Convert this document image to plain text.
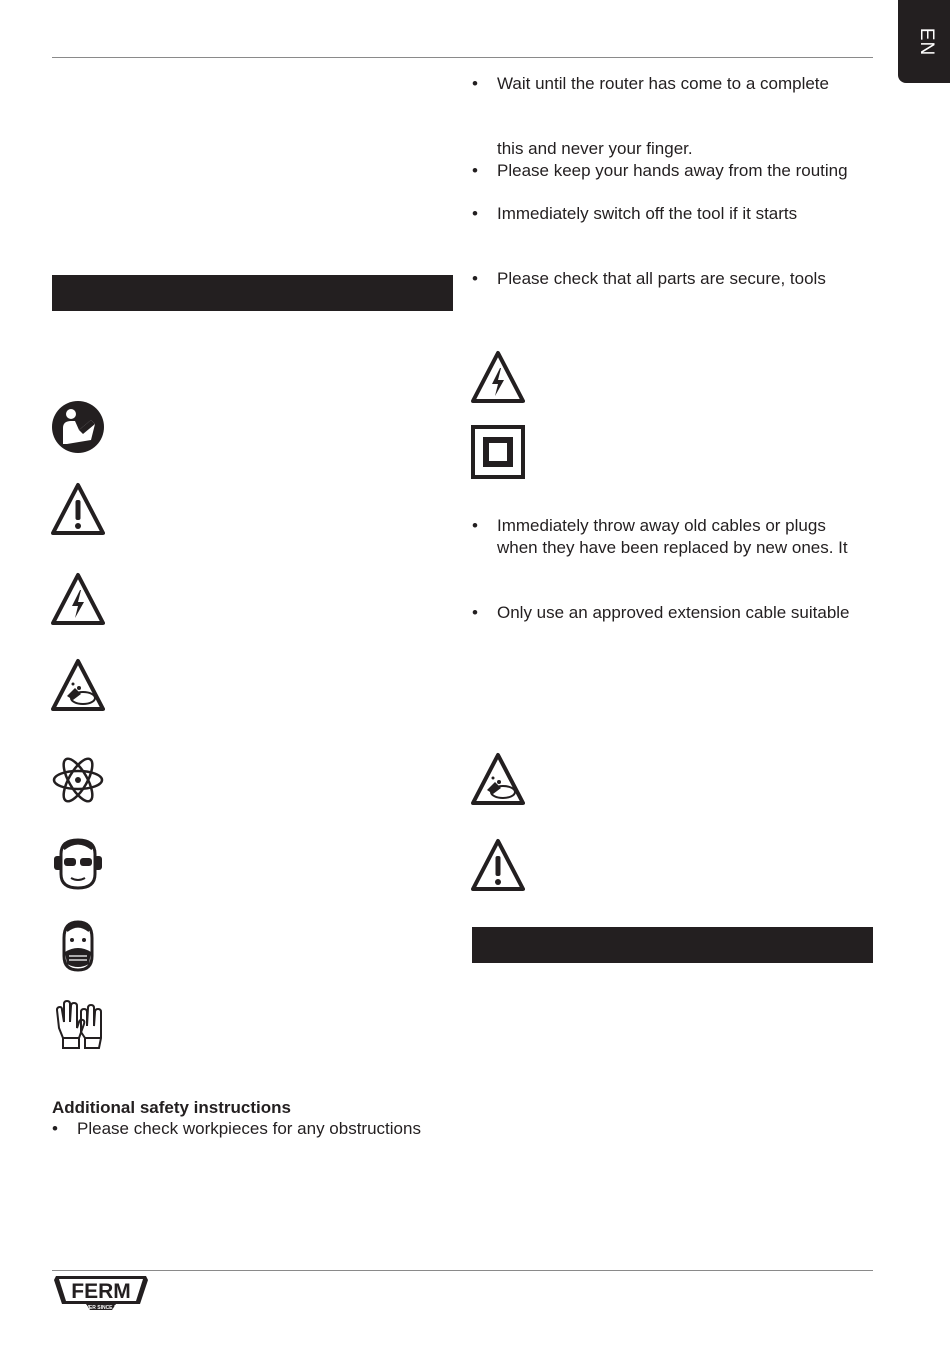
EN
Additional safety instructions
• Please check workpieces for any obstructions
• Wait until the router has come to a complete
this and never your finger.
• Please keep your hands away from the routing
• Immediately switch off the tool if it starts
• Please check that all parts are secure, tools
• Immediately throw away old cables or plugs
when they have been replaced by new ones. It
• Only use an approved extension cable suitable
FERM
POWER SINCE 1941
